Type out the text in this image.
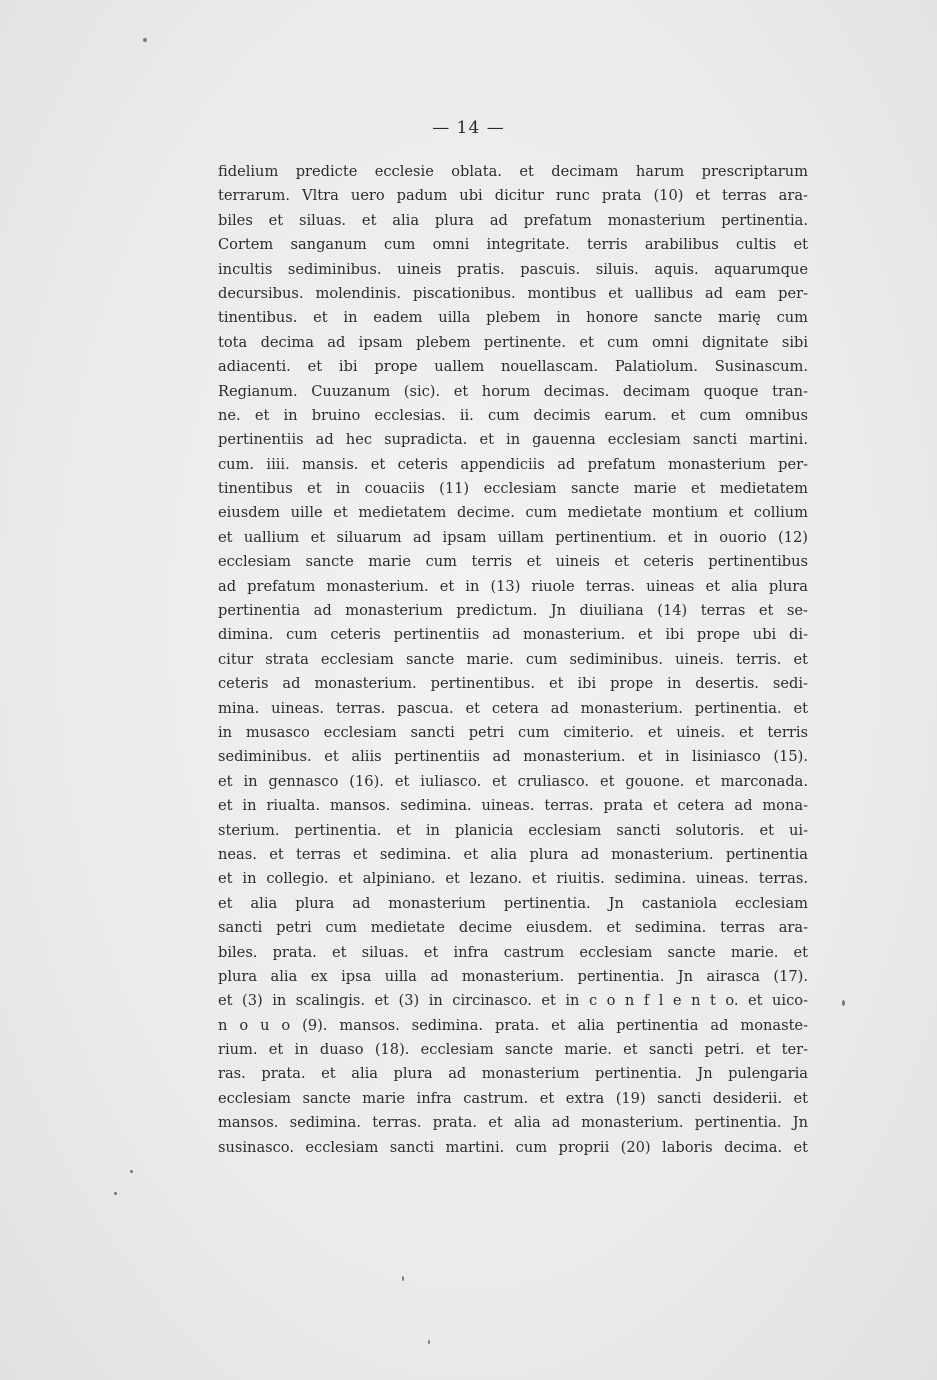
— 14 —
fidelium predicte ecclesie oblata. et decimam harum prescriptarum
terrarum. Vltra uero padum ubi dicitur runc prata (10) et terras ara-
biles et siluas. et alia plura ad prefatum monasterium pertinentia.
Cortem sanganum cum omni integritate. terris arabilibus cultis et
incultis sediminibus. uineis pratis. pascuis. siluis. aquis. aquarumque
decursibus. molendinis. piscationibus. montibus et uallibus ad eam per-
tinentibus. et in eadem uilla plebem in honore sancte marię cum
tota decima ad ipsam plebem pertinente. et cum omni dignitate sibi
adiacenti. et ibi prope uallem nouellascam. Palatiolum. Susinascum.
Regianum. Cuuzanum (sic). et horum decimas. decimam quoque tran-
ne. et in bruino ecclesias. ii. cum decimis earum. et cum omnibus
pertinentiis ad hec supradicta. et in gauenna ecclesiam sancti martini.
cum. iiii. mansis. et ceteris appendiciis ad prefatum monasterium per-
tinentibus et in couaciis (11) ecclesiam sancte marie et medietatem
eiusdem uille et medietatem decime. cum medietate montium et collium
et uallium et siluarum ad ipsam uillam pertinentium. et in ouorio (12)
ecclesiam sancte marie cum terris et uineis et ceteris pertinentibus
ad prefatum monasterium. et in (13) riuole terras. uineas et alia plura
pertinentia ad monasterium predictum. Jn diuiliana (14) terras et se-
dimina. cum ceteris pertinentiis ad monasterium. et ibi prope ubi di-
citur strata ecclesiam sancte marie. cum sediminibus. uineis. terris. et
ceteris ad monasterium. pertinentibus. et ibi prope in desertis. sedi-
mina. uineas. terras. pascua. et cetera ad monasterium. pertinentia. et
in musasco ecclesiam sancti petri cum cimiterio. et uineis. et terris
sediminibus. et aliis pertinentiis ad monasterium. et in lisiniasco (15).
et in gennasco (16). et iuliasco. et cruliasco. et gouone. et marconada.
et in riualta. mansos. sedimina. uineas. terras. prata et cetera ad mona-
sterium. pertinentia. et in planicia ecclesiam sancti solutoris. et ui-
neas. et terras et sedimina. et alia plura ad monasterium. pertinentia
et in collegio. et alpiniano. et lezano. et riuitis. sedimina. uineas. terras.
et alia plura ad monasterium pertinentia. Jn castaniola ecclesiam
sancti petri cum medietate decime eiusdem. et sedimina. terras ara-
biles. prata. et siluas. et infra castrum ecclesiam sancte marie. et
plura alia ex ipsa uilla ad monasterium. pertinentia. Jn airasca (17).
et (3) in scalingis. et (3) in circinasco. et in c o n f l e n t o. et uico-
n o u o (9). mansos. sedimina. prata. et alia pertinentia ad monaste-
rium. et in duaso (18). ecclesiam sancte marie. et sancti petri. et ter-
ras. prata. et alia plura ad monasterium pertinentia. Jn pulengaria
ecclesiam sancte marie infra castrum. et extra (19) sancti desiderii. et
mansos. sedimina. terras. prata. et alia ad monasterium. pertinentia. Jn
susinasco. ecclesiam sancti martini. cum proprii (20) laboris decima. et
